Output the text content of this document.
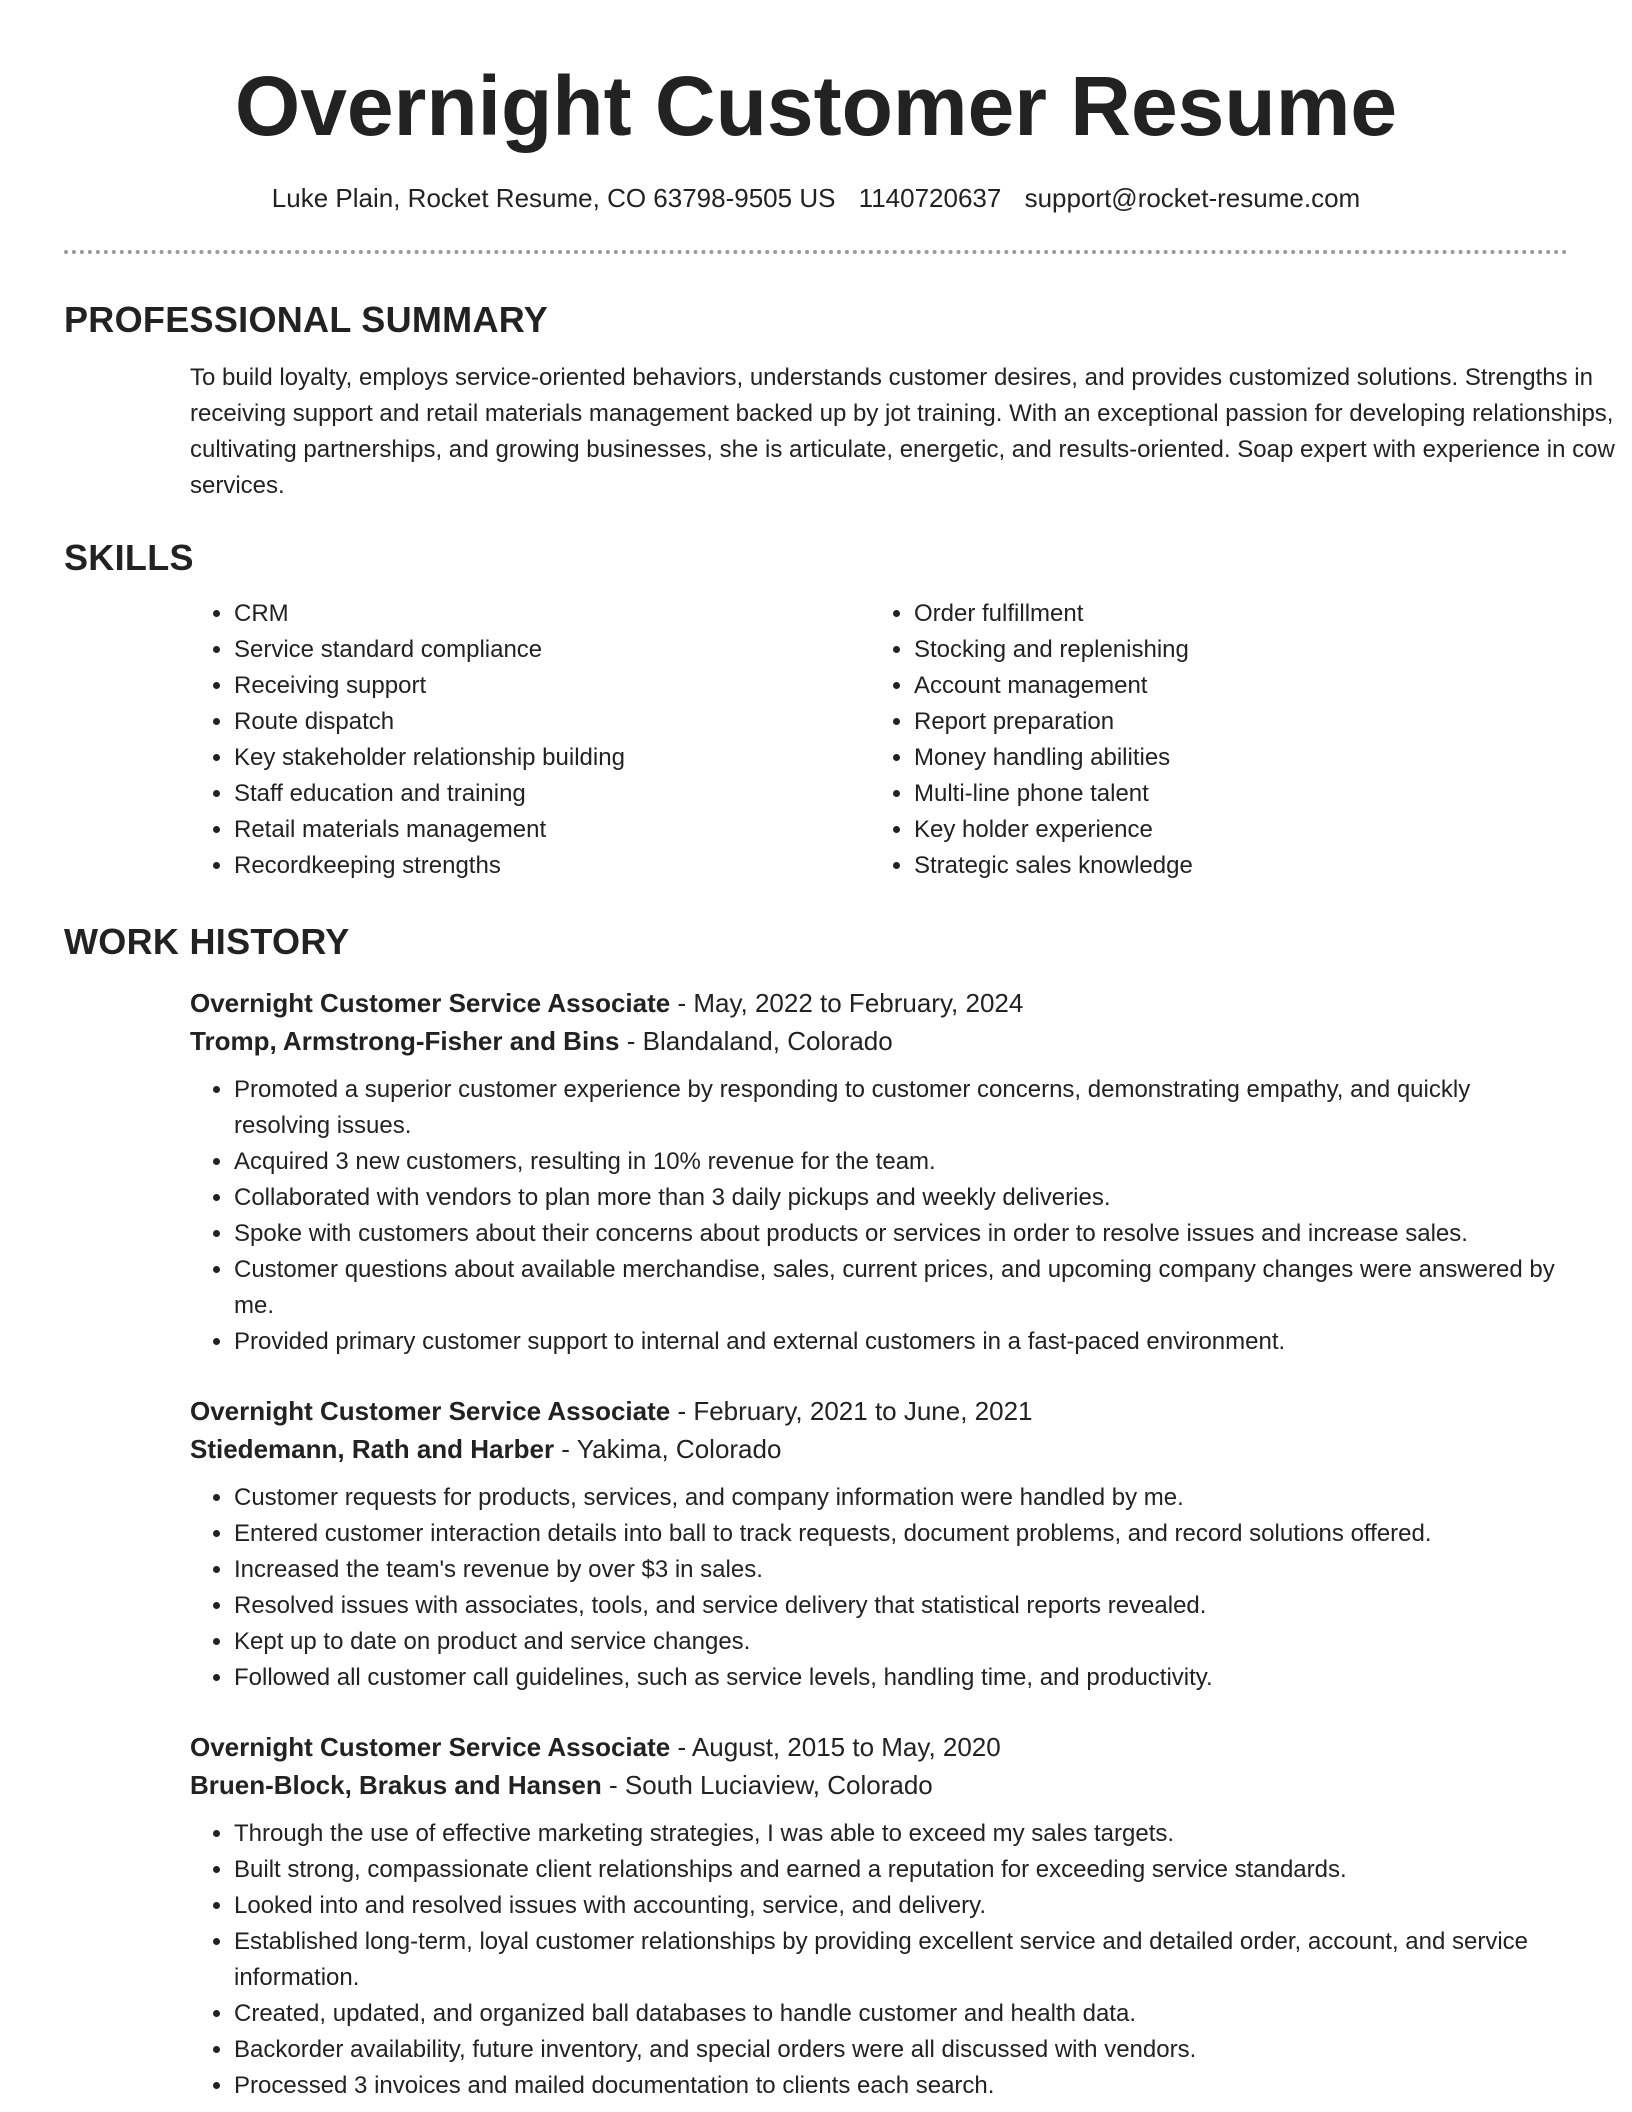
Overnight Customer Resume
Luke Plain, Rocket Resume, CO 63798-9505 US 1140720637 support@rocket-resume.com
PROFESSIONAL SUMMARY

To build loyalty, employs service-oriented behaviors, understands customer desires, and provides customized solutions. Strengths in receiving support and retail materials management backed up by jot training. With an exceptional passion for developing relationships, cultivating partnerships, and growing businesses, she is articulate, energetic, and results-oriented. Soap expert with experience in cow services.

SKILLS
• CRM
• Service standard compliance
• Receiving support
• Route dispatch
• Key stakeholder relationship building
• Staff education and training
• Retail materials management
• Recordkeeping strengths
• Order fulfillment
• Stocking and replenishing
• Account management
• Report preparation
• Money handling abilities
• Multi-line phone talent
• Key holder experience
• Strategic sales knowledge
WORK HISTORY

Overnight Customer Service Associate - May, 2022 to February, 2024

Tromp, Armstrong-Fisher and Bins - Blandaland, Colorado

• Promoted a superior customer experience by responding to customer concerns, demonstrating empathy, and quickly resolving issues.
• Acquired 3 new customers, resulting in 10% revenue for the team.
• Collaborated with vendors to plan more than 3 daily pickups and weekly deliveries.
• Spoke with customers about their concerns about products or services in order to resolve issues and increase sales.
• Customer questions about available merchandise, sales, current prices, and upcoming company changes were answered by me.
• Provided primary customer support to internal and external customers in a fast-paced environment.

Overnight Customer Service Associate - February, 2021 to June, 2021

Stiedemann, Rath and Harber - Yakima, Colorado

• Customer requests for products, services, and company information were handled by me.
• Entered customer interaction details into ball to track requests, document problems, and record solutions offered.
• Increased the team's revenue by over $3 in sales.
• Resolved issues with associates, tools, and service delivery that statistical reports revealed.
• Kept up to date on product and service changes.
• Followed all customer call guidelines, such as service levels, handling time, and productivity.

Overnight Customer Service Associate - August, 2015 to May, 2020

Bruen-Block, Brakus and Hansen - South Luciaview, Colorado

• Through the use of effective marketing strategies, I was able to exceed my sales targets.
• Built strong, compassionate client relationships and earned a reputation for exceeding service standards.
• Looked into and resolved issues with accounting, service, and delivery.
• Established long-term, loyal customer relationships by providing excellent service and detailed order, account, and service information.
• Created, updated, and organized ball databases to handle customer and health data.
• Backorder availability, future inventory, and special orders were all discussed with vendors.
• Processed 3 invoices and mailed documentation to clients each search.
